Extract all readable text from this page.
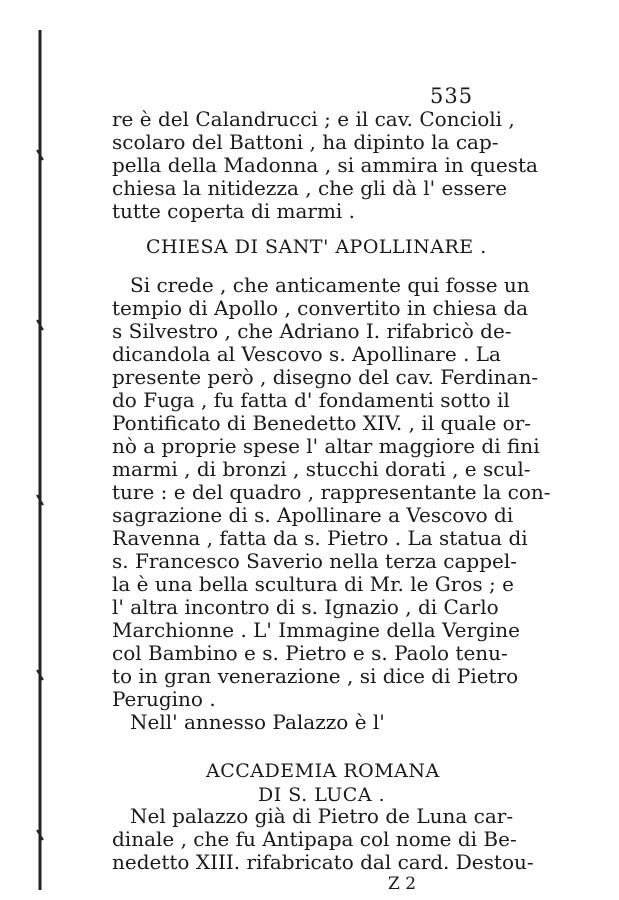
535
re è del Calandrucci ; e il cav. Concioli ,
scolaro del Battoni , ha dipinto la cap-
pella della Madonna , si ammira in questa
chiesa la nitidezza , che gli dà l' essere
tutte coperta di marmi .
CHIESA DI SANT' APOLLINARE .
Si crede , che anticamente qui fosse un
tempio di Apollo , convertito in chiesa da
s Silvestro , che Adriano I. rifabricò de-
dicandola al Vescovo s. Apollinare . La
presente però , disegno del cav. Ferdinan-
do Fuga , fu fatta d' fondamenti sotto il
Pontificato di Benedetto XIV. , il quale or-
nò a proprie spese l' altar maggiore di fini
marmi , di bronzi , stucchi dorati , e scul-
ture : e del quadro , rappresentante la con-
sagrazione di s. Apollinare a Vescovo di
Ravenna , fatta da s. Pietro . La statua di
s. Francesco Saverio nella terza cappel-
la è una bella scultura di Mr. le Gros ; e
l' altra incontro di s. Ignazio , di Carlo
Marchionne . L' Immagine della Vergine
col Bambino e s. Pietro e s. Paolo tenu-
to in gran venerazione , si dice di Pietro
Perugino .
Nell' annesso Palazzo è l'
ACCADEMIA ROMANA
DI S. LUCA .
Nel palazzo già di Pietro de Luna car-
dinale , che fu Antipapa col nome di Be-
nedetto XIII. rifabricato dal card. Destou-
Z 2
